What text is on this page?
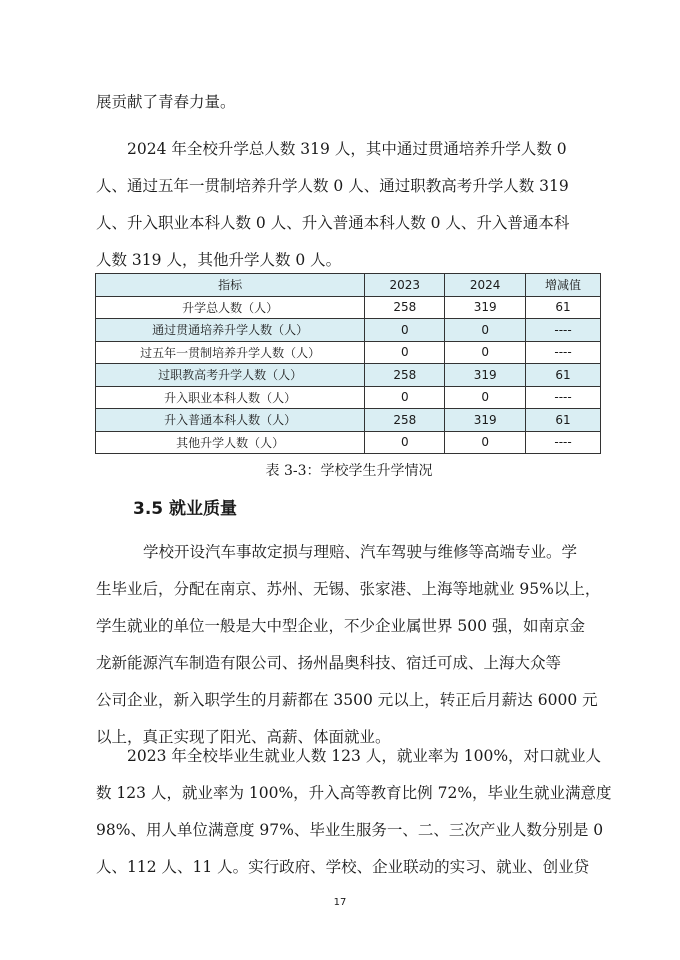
展贡献了青春力量。
2024 年全校升学总人数 319 人，其中通过贯通培养升学人数 0
人、通过五年一贯制培养升学人数 0 人、通过职教高考升学人数 319
人、升入职业本科人数 0 人、升入普通本科人数 0 人、升入普通本科
人数 319 人，其他升学人数 0 人。
指标	2023	2024	增减值
升学总人数（人）	258	319	61
通过贯通培养升学人数（人）	0	0	----
过五年一贯制培养升学人数（人）	0	0	----
过职教高考升学人数（人）	258	319	61
升入职业本科人数（人）	0	0	----
升入普通本科人数（人）	258	319	61
其他升学人数（人）	0	0	----
表 3-3：学校学生升学情况
3.5 就业质量
学校开设汽车事故定损与理赔、汽车驾驶与维修等高端专业。学
生毕业后，分配在南京、苏州、无锡、张家港、上海等地就业 95%以上，
学生就业的单位一般是大中型企业，不少企业属世界 500 强，如南京金
龙新能源汽车制造有限公司、扬州晶奥科技、宿迁可成、上海大众等
公司企业，新入职学生的月薪都在 3500 元以上，转正后月薪达 6000 元
以上，真正实现了阳光、高薪、体面就业。
2023 年全校毕业生就业人数 123 人，就业率为 100%，对口就业人
数 123 人，就业率为 100%，升入高等教育比例 72%，毕业生就业满意度
98%、用人单位满意度 97%、毕业生服务一、二、三次产业人数分别是 0
人、112 人、11 人。实行政府、学校、企业联动的实习、就业、创业贷
17
